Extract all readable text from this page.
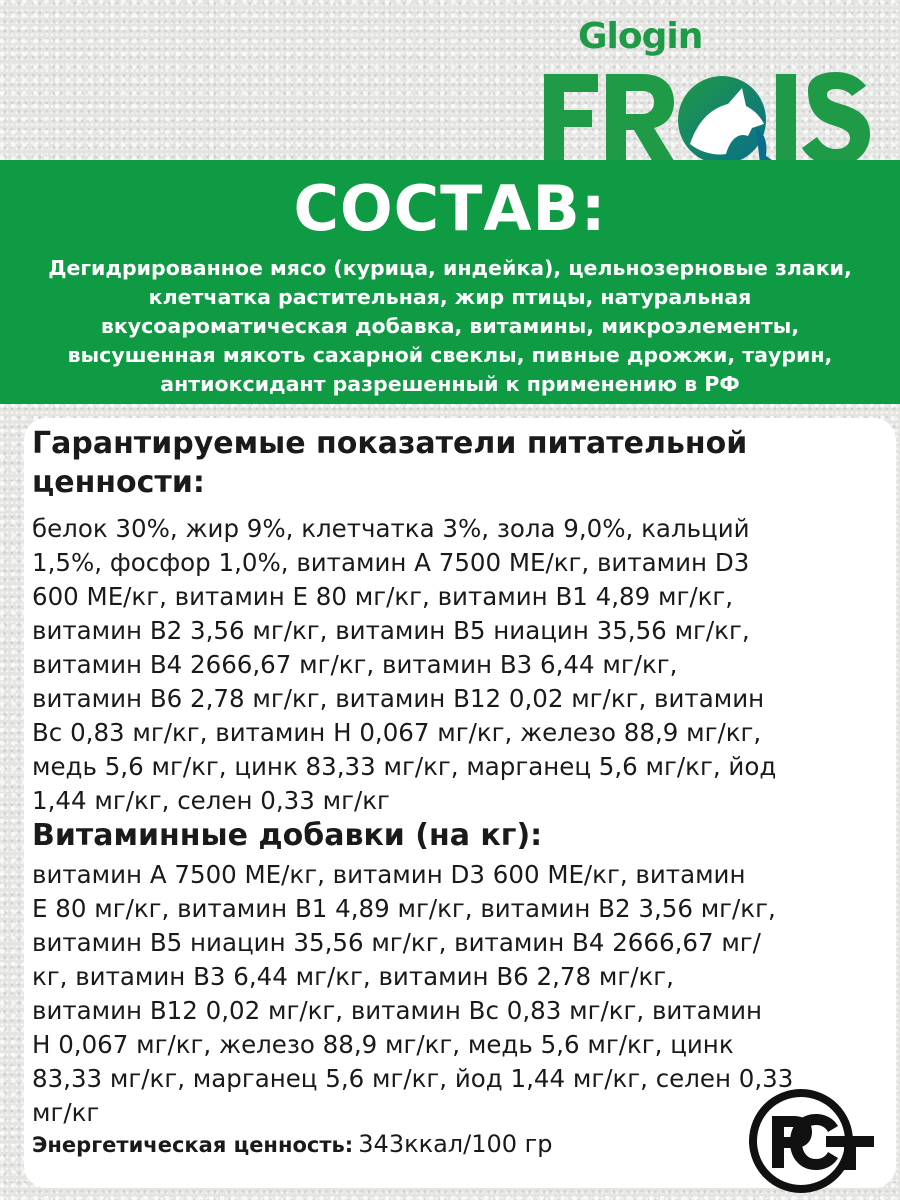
Glogin
СОСТАВ:
Дегидрированное мясо (курица, индейка), цельнозерновые злаки,
клетчатка растительная, жир птицы, натуральная
вкусоароматическая добавка, витамины, микроэлементы,
высушенная мякоть сахарной свеклы, пивные дрожжи, таурин,
антиоксидант разрешенный к применению в РФ
Гарантируемые показатели питательной
ценности:
белок 30%, жир 9%, клетчатка 3%, зола 9,0%, кальций
1,5%, фосфор 1,0%, витамин А 7500 МЕ/кг, витамин D3
600 МЕ/кг, витамин Е 80 мг/кг, витамин В1 4,89 мг/кг,
витамин В2 3,56 мг/кг, витамин В5 ниацин 35,56 мг/кг,
витамин В4 2666,67 мг/кг, витамин В3 6,44 мг/кг,
витамин В6 2,78 мг/кг, витамин В12 0,02 мг/кг, витамин
Вс 0,83 мг/кг, витамин Н 0,067 мг/кг, железо 88,9 мг/кг,
медь 5,6 мг/кг, цинк 83,33 мг/кг, марганец 5,6 мг/кг, йод
1,44 мг/кг, селен 0,33 мг/кг
Витаминные добавки (на кг):
витамин А 7500 МЕ/кг, витамин D3 600 МЕ/кг, витамин
Е 80 мг/кг, витамин В1 4,89 мг/кг, витамин В2 3,56 мг/кг,
витамин В5 ниацин 35,56 мг/кг, витамин В4 2666,67 мг/
кг, витамин В3 6,44 мг/кг, витамин В6 2,78 мг/кг,
витамин В12 0,02 мг/кг, витамин Вс 0,83 мг/кг, витамин
Н 0,067 мг/кг, железо 88,9 мг/кг, медь 5,6 мг/кг, цинк
83,33 мг/кг, марганец 5,6 мг/кг, йод 1,44 мг/кг, селен 0,33
мг/кг
Энергетическая ценность: 343ккал/100 гр
